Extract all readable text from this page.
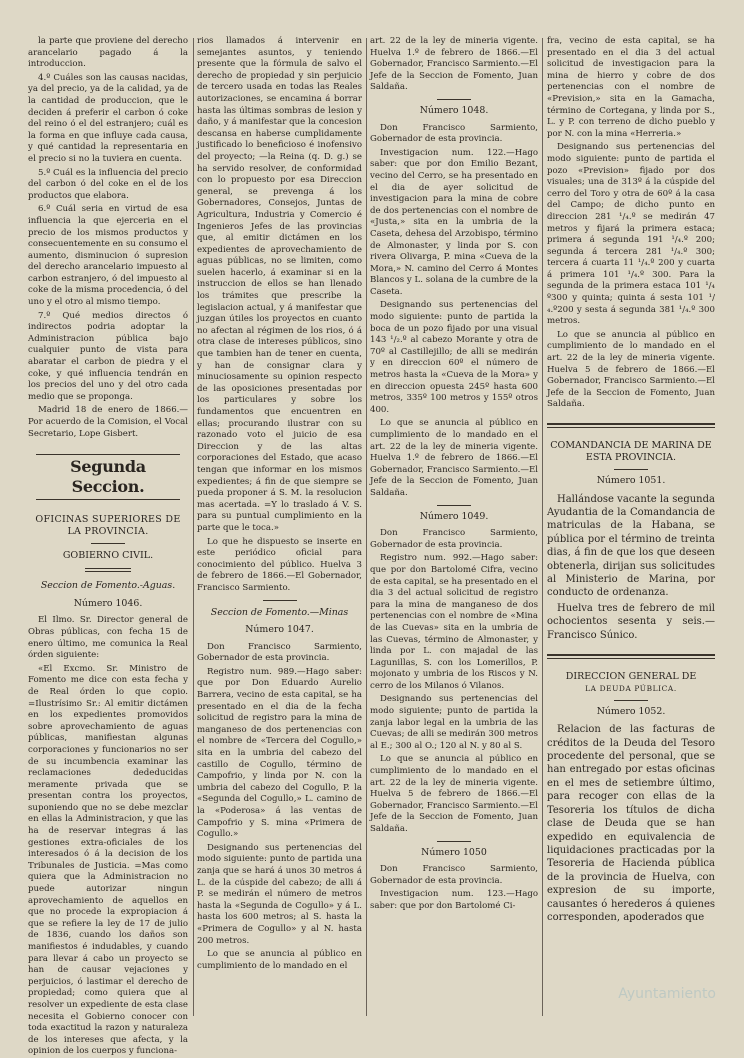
la parte que proviene del derecho arancelario pagado á la introduccion.

4.º Cuáles son las causas nacidas, ya del precio, ya de la calidad, ya de la cantidad de produccion, que le deciden á preferir el carbon ó coke del reino ó el del estranjero; cuál es la forma en que influye cada causa, y qué cantidad la representaria en el precio si no la tuviera en cuenta.

5.º Cuál es la influencia del precio del carbon ó del coke en el de los productos que elabora.

6.º Cuál seria en virtud de esa influencia la que ejerceria en el precio de los mismos productos y consecuentemente en su consumo el aumento, disminucion ó supresion del derecho arancelario impuesto al carbon estranjero, ó del impuesto al coke de la misma procedencia, ó del uno y el otro al mismo tiempo.

7.º Qué medios directos ó indirectos podria adoptar la Administracion pública bajo cualquier punto de vista para abaratar el carbon de piedra y el coke, y qué influencia tendrán en los precios del uno y del otro cada medio que se proponga.

Madrid 18 de enero de 1866.—Por acuerdo de la Comision, el Vocal Secretario, Lope Gisbert.

Segunda Seccion.
OFICINAS SUPERIORES DE LA PROVINCIA.
GOBIERNO CIVIL.
Seccion de Fomento.-Aguas.
Número 1046.

El Ilmo. Sr. Director general de Obras públicas, con fecha 15 de enero último, me comunica la Real órden siguiente:

«El Excmo. Sr. Ministro de Fomento me dice con esta fecha y de Real órden lo que copio. =Ilustrísimo Sr.: Al emitir dictámen en los expedientes promovidos sobre aprovechamiento de aguas públicas, manifiestan algunas corporaciones y funcionarios no ser de su incumbencia examinar las reclamaciones dededucidas meramente privada que se presentan contra los proyectos, suponiendo que no se debe mezclar en ellas la Administracion, y que las ha de reservar integras á las gestiones extra-oficiales de los interesados ó á la decision de los Tribunales de Justicia. =Mas como quiera que la Administracion no puede autorizar ningun aprovechamiento de aquellos en que no procede la expropiacion á que se refiere la ley de 17 de julio de 1836, cuando los daños son manifiestos é indudables, y cuando para llevar á cabo un proyecto se han de causar vejaciones y perjuicios, ó lastimar el derecho de propiedad; como quiera que al resolver un expediente de esta clase necesita el Gobierno conocer con toda exactitud la razon y naturaleza de los intereses que afecta, y la opinion de los cuerpos y funciona-

rios llamados á intervenir en semejantes asuntos, y teniendo presente que la fórmula de salvo el derecho de propiedad y sin perjuicio de tercero usada en todas las Reales autorizaciones, se encamina á borrar hasta las últimas sombras de lesion y daño, y á manifestar que la concesion descansa en haberse cumplidamente justificado lo beneficioso é inofensivo del proyecto; —la Reina (q. D. g.) se ha servido resolver, de conformidad con lo propuesto por esa Direccion general, se prevenga á los Gobernadores, Consejos, Juntas de Agricultura, Industria y Comercio é Ingenieros Jefes de las provincias que, al emitir dictámen en los expedientes de aprovechamiento de aguas públicas, no se limiten, como suelen hacerlo, á examinar si en la instruccion de ellos se han llenado los trámites que prescribe la legislacion actual, y á manifestar que juzgan útiles los proyectos en cuanto no afectan al régimen de los rios, ó á otra clase de intereses públicos, sino que tambien han de tener en cuenta, y han de consignar clara y minuciosamente su opinion respecto de las oposiciones presentadas por los particulares y sobre los fundamentos que encuentren en ellas; procurando ilustrar con su razonado voto el juicio de esa Direccion y de las altas corporaciones del Estado, que acaso tengan que informar en los mismos expedientes; á fin de que siempre se pueda proponer á S. M. la resolucion mas acertada. =Y lo traslado á V. S. para su puntual cumplimiento en la parte que le toca.»

Lo que he dispuesto se inserte en este periódico oficial para conocimiento del público. Huelva 3 de febrero de 1866.—El Gobernador, Francisco Sarmiento.

Seccion de Fomento.—Minas
Número 1047.

Don Francisco Sarmiento, Gobernador de esta provincia.

Registro num. 989.—Hago saber: que por Don Eduardo Aurelio Barrera, vecino de esta capital, se ha presentado en el dia de la fecha solicitud de registro para la mina de manganeso de dos pertenencias con el nombre de «Tercera del Cogullo,» sita en la umbria del cabezo del castillo de Cogullo, término de Campofrio, y linda por N. con la umbria del cabezo del Cogullo, P. la «Segunda del Cogullo,» L. camino de la «Poderosa» á las ventas de Campofrio y S. mina «Primera de Cogullo.»

Designando sus pertenencias del modo siguiente: punto de partida una zanja que se hará á unos 30 metros á L. de la cúspide del cabezo; de alli á P. se medirán el número de metros hasta la «Segunda de Cogullo» y á L. hasta los 600 metros; al S. hasta la «Primera de Cogullo» y al N. hasta 200 metros.

Lo que se anuncia al público en cumplimiento de lo mandado en el

art. 22 de la ley de mineria vigente. Huelva 1.º de febrero de 1866.—El Gobernador, Francisco Sarmiento.—El Jefe de la Seccion de Fomento, Juan Saldaña.

Número 1048.

Don Francisco Sarmiento, Gobernador de esta provincia.

Investigacion num. 122.—Hago saber: que por don Emilio Bezant, vecino del Cerro, se ha presentado en el dia de ayer solicitud de investigacion para la mina de cobre de dos pertenencias con el nombre de «Justa,» sita en la umbria de la Caseta, dehesa del Arzobispo, término de Almonaster, y linda por S. con rivera Olivarga, P. mina «Cueva de la Mora,» N. camino del Cerro á Montes Blancos y L. solana de la cumbre de la Caseta.

Designando sus pertenencias del modo siguiente: punto de partida la boca de un pozo fijado por una visual 143 ¹/₂.º al cabezo Morante y otra de 70º al Castillejillo; de alli se medirán y en direccion 60º el número de metros hasta la «Cueva de la Mora» y en direccion opuesta 245º hasta 600 metros, 335º 100 metros y 155º otros 400.

Lo que se anuncia al público en cumplimiento de lo mandado en el art. 22 de la ley de mineria vigente. Huelva 1.º de febrero de 1866.—El Gobernador, Francisco Sarmiento.—El Jefe de la Seccion de Fomento, Juan Saldaña.

Número 1049.

Don Francisco Sarmiento, Gobernador de esta provincia.

Registro num. 992.—Hago saber: que por don Bartolomé Cifra, vecino de esta capital, se ha presentado en el dia 3 del actual solicitud de registro para la mina de manganeso de dos pertenencias con el nombre de «Mina de las Cuevas» sita en la umbria de las Cuevas, término de Almonaster, y linda por L. con majadal de las Lagunillas, S. con los Lomerillos, P. mojonato y umbria de los Riscos y N. cerro de los Milanos ó Vilanos.

Designando sus pertenencias del modo siguiente; punto de partida la zanja labor legal en la umbria de las Cuevas; de alli se medirán 300 metros al E.; 300 al O.; 120 al N. y 80 al S.

Lo que se anuncia al público en cumplimiento de lo mandado en el art. 22 de la ley de mineria vigente. Huelva 5 de febrero de 1866.—El Gobernador, Francisco Sarmiento.—El Jefe de la Seccion de Fomento, Juan Saldaña.

Número 1050

Don Francisco Sarmiento, Gobernador de esta provincia.

Investigacion num. 123.—Hago saber: que por don Bartolomé Ci-

fra, vecino de esta capital, se ha presentado en el dia 3 del actual solicitud de investigacion para la mina de hierro y cobre de dos pertenencias con el nombre de «Prevision,» sita en la Gamacha, término de Cortegana, y linda por S., L. y P. con terreno de dicho pueblo y por N. con la mina «Herreria.»

Designando sus pertenencias del modo siguiente: punto de partida el pozo «Prevision» fijado por dos visuales; una de 313º á la cúspide del cerro del Toro y otra de 60º á la casa del Campo; de dicho punto en direccion 281 ¹/₄.º se medirán 47 metros y fijará la primera estaca; primera á segunda 191 ¹/₄.º 200; segunda á tercera 281 ¹/₄.º 300; tercera á cuarta 11 ¹/₄.º 200 y cuarta á primera 101 ¹/₄.º 300. Para la segunda de la primera estaca 101 ¹/₄ º300 y quinta; quinta á sesta 101 ¹/₄.º200 y sesta á segunda 381 ¹/₄.º 300 metros.

Lo que se anuncia al público en cumplimiento de lo mandado en el art. 22 de la ley de mineria vigente. Huelva 5 de febrero de 1866.—El Gobernador, Francisco Sarmiento.—El Jefe de la Seccion de Fomento, Juan Saldaña.

COMANDANCIA DE MARINA DE ESTA PROVINCIA.
Número 1051.

Hallándose vacante la segunda Ayudantia de la Comandancia de matriculas de la Habana, se pública por el término de treinta dias, á fin de que los que deseen obtenerla, dirijan sus solicitudes al Ministerio de Marina, por conducto de ordenanza.

Huelva tres de febrero de mil ochocientos sesenta y seis.—Francisco Súnico.

DIRECCION GENERAL DE
LA DEUDA PÚBLICA.
Número 1052.

Relacion de las facturas de créditos de la Deuda del Tesoro procedente del personal, que se han entregado por estas oficinas en el mes de setiembre último, para recoger con ellas de la Tesoreria los títulos de dicha clase de Deuda que se han expedido en equivalencia de liquidaciones practicadas por la Tesoreria de Hacienda pública de la provincia de Huelva, con expresion de su importe, causantes ó herederos á quienes corresponden, apoderados que

Ayuntamiento
